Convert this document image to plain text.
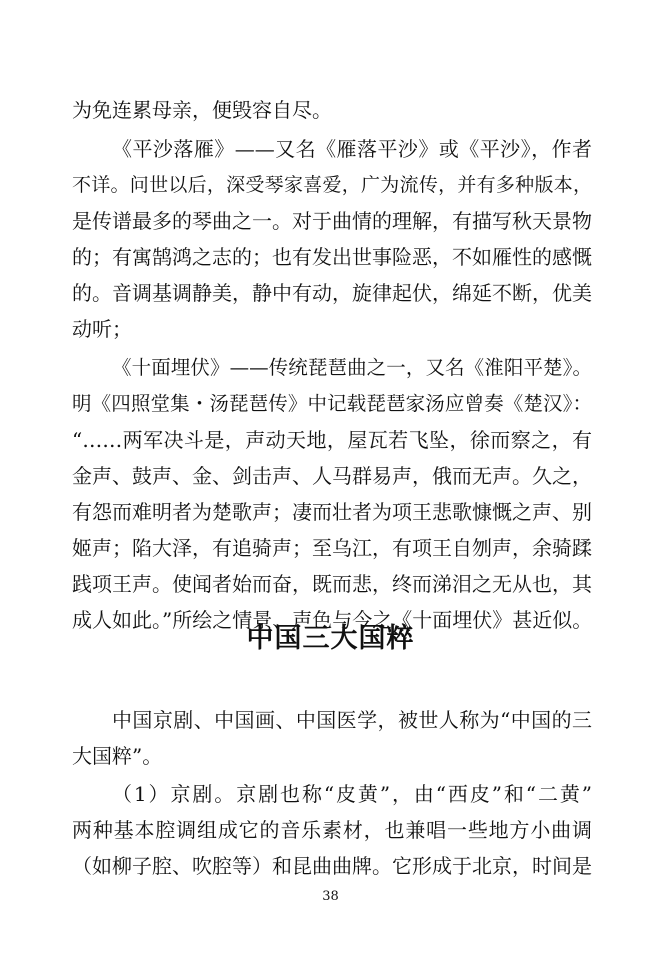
为免连累母亲，便毁容自尽。
《平沙落雁》——又名《雁落平沙》或《平沙》，作者
不详。问世以后，深受琴家喜爱，广为流传，并有多种版本，
是传谱最多的琴曲之一。对于曲情的理解，有描写秋天景物
的；有寓鹄鸿之志的；也有发出世事险恶，不如雁性的感慨
的。音调基调静美，静中有动，旋律起伏，绵延不断，优美
动听；
《十面埋伏》——传统琵琶曲之一，又名《淮阳平楚》。
明《四照堂集・汤琵琶传》中记载琵琶家汤应曾奏《楚汉》：
“……两军决斗是，声动天地，屋瓦若飞坠，徐而察之，有
金声、鼓声、金、剑击声、人马群易声，俄而无声。久之，
有怨而难明者为楚歌声；凄而壮者为项王悲歌慷慨之声、别
姬声；陷大泽，有追骑声；至乌江，有项王自刎声，余骑蹂
践项王声。使闻者始而奋，既而悲，终而涕泪之无从也，其
成人如此。”所绘之情景、声色与今之《十面埋伏》甚近似。
中国三大国粹
中国京剧、中国画、中国医学，被世人称为“中国的三
大国粹”。
（1）京剧。京剧也称“皮黄”，由“西皮”和“二黄”
两种基本腔调组成它的音乐素材，也兼唱一些地方小曲调
（如柳子腔、吹腔等）和昆曲曲牌。它形成于北京，时间是
38
